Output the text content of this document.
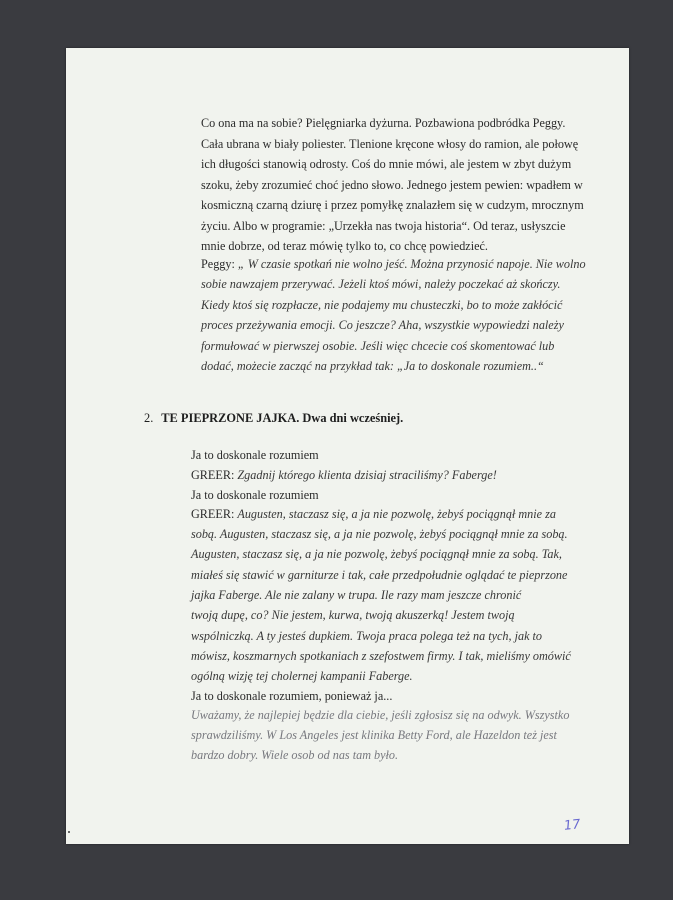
Co ona ma na sobie? Pielęgniarka dyżurna. Pozbawiona podbródka Peggy.
Cała ubrana w biały poliester. Tlenione kręcone włosy do ramion, ale połowę
ich długości stanowią odrosty. Coś do mnie mówi, ale jestem w zbyt dużym
szoku, żeby zrozumieć choć jedno słowo. Jednego jestem pewien: wpadłem w
kosmiczną czarną dziurę i przez pomyłkę znalazłem się w cudzym, mrocznym
życiu. Albo w programie: „Urzekła nas twoja historia“. Od teraz, usłyszcie
mnie dobrze, od teraz mówię tylko to, co chcę powiedzieć.
Peggy: „ W czasie spotkań nie wolno jeść. Można przynosić napoje. Nie wolno
sobie nawzajem przerywać. Jeżeli ktoś mówi, należy poczekać aż skończy.
Kiedy ktoś się rozpłacze, nie podajemy mu chusteczki, bo to może zakłócić
proces przeżywania emocji. Co jeszcze? Aha, wszystkie wypowiedzi należy
formułować w pierwszej osobie. Jeśli więc chcecie coś skomentować lub
dodać, możecie zacząć na przykład tak: „Ja to doskonale rozumiem..“
2. TE PIEPRZONE JAJKA. Dwa dni wcześniej.
Ja to doskonale rozumiem
GREER: Zgadnij którego klienta dzisiaj straciliśmy? Faberge!
Ja to doskonale rozumiem
GREER: Augusten, staczasz się, a ja nie pozwolę, żebyś pociągnął mnie za
sobą. Augusten, staczasz się, a ja nie pozwolę, żebyś pociągnął mnie za sobą.
Augusten, staczasz się, a ja nie pozwolę, żebyś pociągnął mnie za sobą. Tak,
miałeś się stawić w garniturze i tak, całe przedpołudnie oglądać te pieprzone
jajka Faberge. Ale nie zalany w trupa. Ile razy mam jeszcze chronić
twoją dupę, co? Nie jestem, kurwa, twoją akuszerką! Jestem twoją
wspólniczką. A ty jesteś dupkiem. Twoja praca polega też na tych, jak to
mówisz, koszmarnych spotkaniach z szefostwem firmy. I tak, mieliśmy omówić
ogólną wizję tej cholernej kampanii Faberge.
Ja to doskonale rozumiem, ponieważ ja...
Uważamy, że najlepiej będzie dla ciebie, jeśli zgłosisz się na odwyk. Wszystko
sprawdziliśmy. W Los Angeles jest klinika Betty Ford, ale Hazeldon też jest
bardzo dobry. Wiele osob od nas tam było.
17
